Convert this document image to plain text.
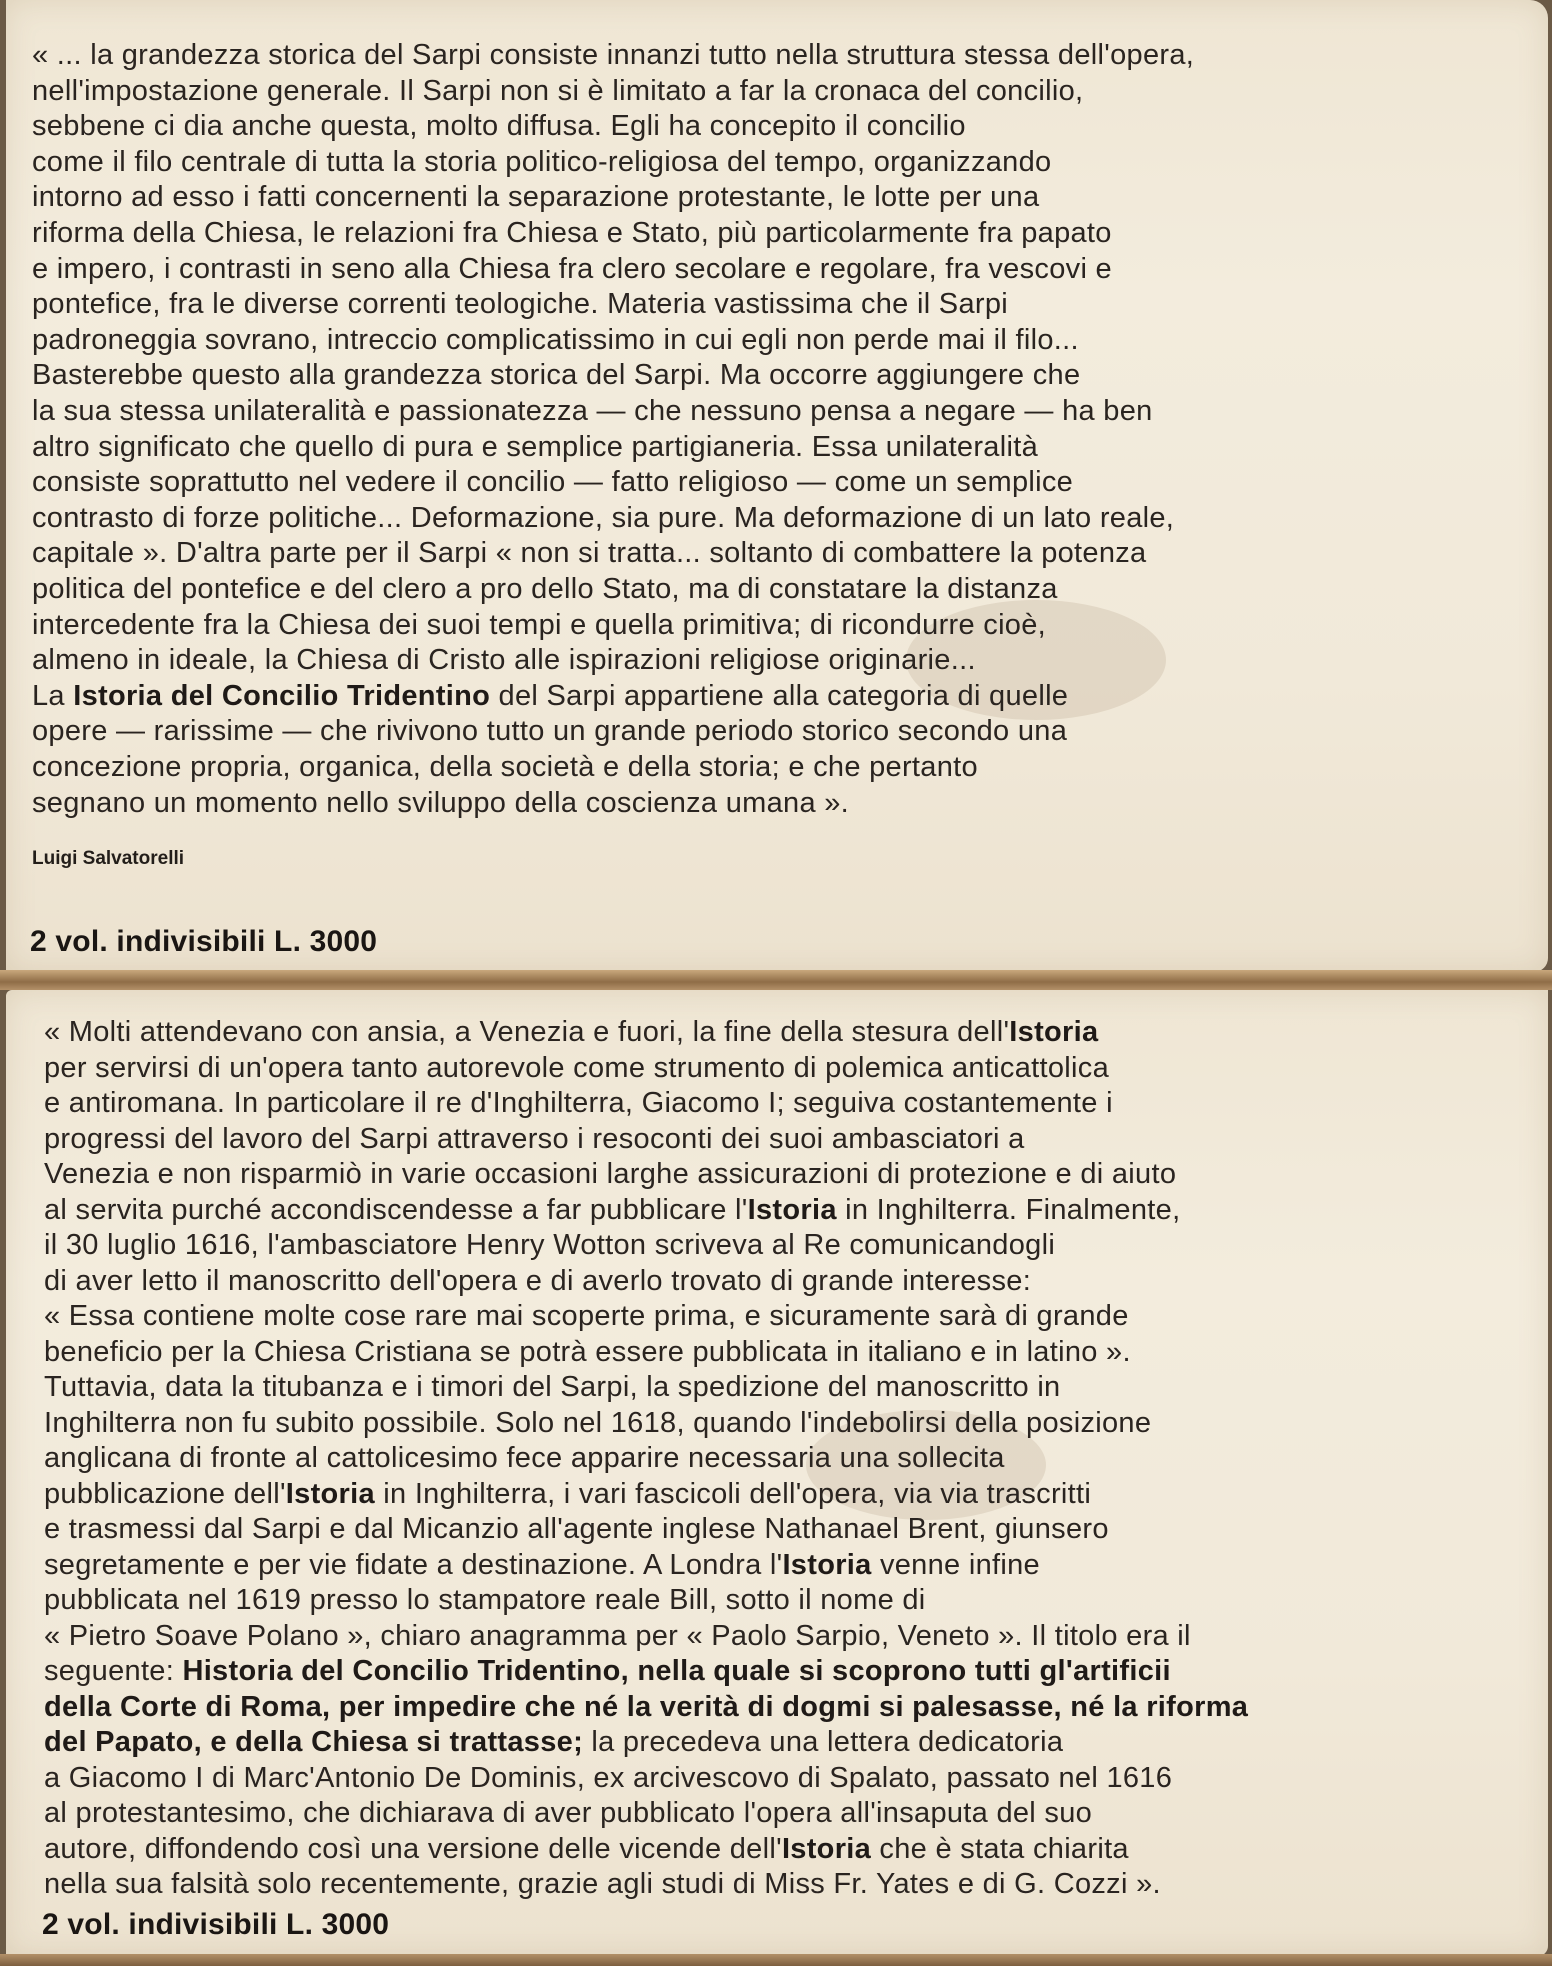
« ... la grandezza storica del Sarpi consiste innanzi tutto nella struttura stessa dell'opera,
nell'impostazione generale. Il Sarpi non si è limitato a far la cronaca del concilio,
sebbene ci dia anche questa, molto diffusa. Egli ha concepito il concilio
come il filo centrale di tutta la storia politico-religiosa del tempo, organizzando
intorno ad esso i fatti concernenti la separazione protestante, le lotte per una
riforma della Chiesa, le relazioni fra Chiesa e Stato, più particolarmente fra papato
e impero, i contrasti in seno alla Chiesa fra clero secolare e regolare, fra vescovi e
pontefice, fra le diverse correnti teologiche. Materia vastissima che il Sarpi
padroneggia sovrano, intreccio complicatissimo in cui egli non perde mai il filo...
Basterebbe questo alla grandezza storica del Sarpi. Ma occorre aggiungere che
la sua stessa unilateralità e passionatezza — che nessuno pensa a negare — ha ben
altro significato che quello di pura e semplice partigianeria. Essa unilateralità
consiste soprattutto nel vedere il concilio — fatto religioso — come un semplice
contrasto di forze politiche... Deformazione, sia pure. Ma deformazione di un lato reale,
capitale ». D'altra parte per il Sarpi « non si tratta... soltanto di combattere la potenza
politica del pontefice e del clero a pro dello Stato, ma di constatare la distanza
intercedente fra la Chiesa dei suoi tempi e quella primitiva; di ricondurre cioè,
almeno in ideale, la Chiesa di Cristo alle ispirazioni religiose originarie...
La Istoria del Concilio Tridentino del Sarpi appartiene alla categoria di quelle
opere — rarissime — che rivivono tutto un grande periodo storico secondo una
concezione propria, organica, della società e della storia; e che pertanto
segnano un momento nello sviluppo della coscienza umana ».
Luigi Salvatorelli
2 vol. indivisibili L. 3000
« Molti attendevano con ansia, a Venezia e fuori, la fine della stesura dell'Istoria
per servirsi di un'opera tanto autorevole come strumento di polemica anticattolica
e antiromana. In particolare il re d'Inghilterra, Giacomo I; seguiva costantemente i
progressi del lavoro del Sarpi attraverso i resoconti dei suoi ambasciatori a
Venezia e non risparmiò in varie occasioni larghe assicurazioni di protezione e di aiuto
al servita purché accondiscendesse a far pubblicare l'Istoria in Inghilterra. Finalmente,
il 30 luglio 1616, l'ambasciatore Henry Wotton scriveva al Re comunicandogli
di aver letto il manoscritto dell'opera e di averlo trovato di grande interesse:
« Essa contiene molte cose rare mai scoperte prima, e sicuramente sarà di grande
beneficio per la Chiesa Cristiana se potrà essere pubblicata in italiano e in latino ».
Tuttavia, data la titubanza e i timori del Sarpi, la spedizione del manoscritto in
Inghilterra non fu subito possibile. Solo nel 1618, quando l'indebolirsi della posizione
anglicana di fronte al cattolicesimo fece apparire necessaria una sollecita
pubblicazione dell'Istoria in Inghilterra, i vari fascicoli dell'opera, via via trascritti
e trasmessi dal Sarpi e dal Micanzio all'agente inglese Nathanael Brent, giunsero
segretamente e per vie fidate a destinazione. A Londra l'Istoria venne infine
pubblicata nel 1619 presso lo stampatore reale Bill, sotto il nome di
« Pietro Soave Polano », chiaro anagramma per « Paolo Sarpio, Veneto ». Il titolo era il
seguente: Historia del Concilio Tridentino, nella quale si scoprono tutti gl'artificii
della Corte di Roma, per impedire che né la verità di dogmi si palesasse, né la riforma
del Papato, e della Chiesa si trattasse; la precedeva una lettera dedicatoria
a Giacomo I di Marc'Antonio De Dominis, ex arcivescovo di Spalato, passato nel 1616
al protestantesimo, che dichiarava di aver pubblicato l'opera all'insaputa del suo
autore, diffondendo così una versione delle vicende dell'Istoria che è stata chiarita
nella sua falsità solo recentemente, grazie agli studi di Miss Fr. Yates e di G. Cozzi ».
2 vol. indivisibili L. 3000
